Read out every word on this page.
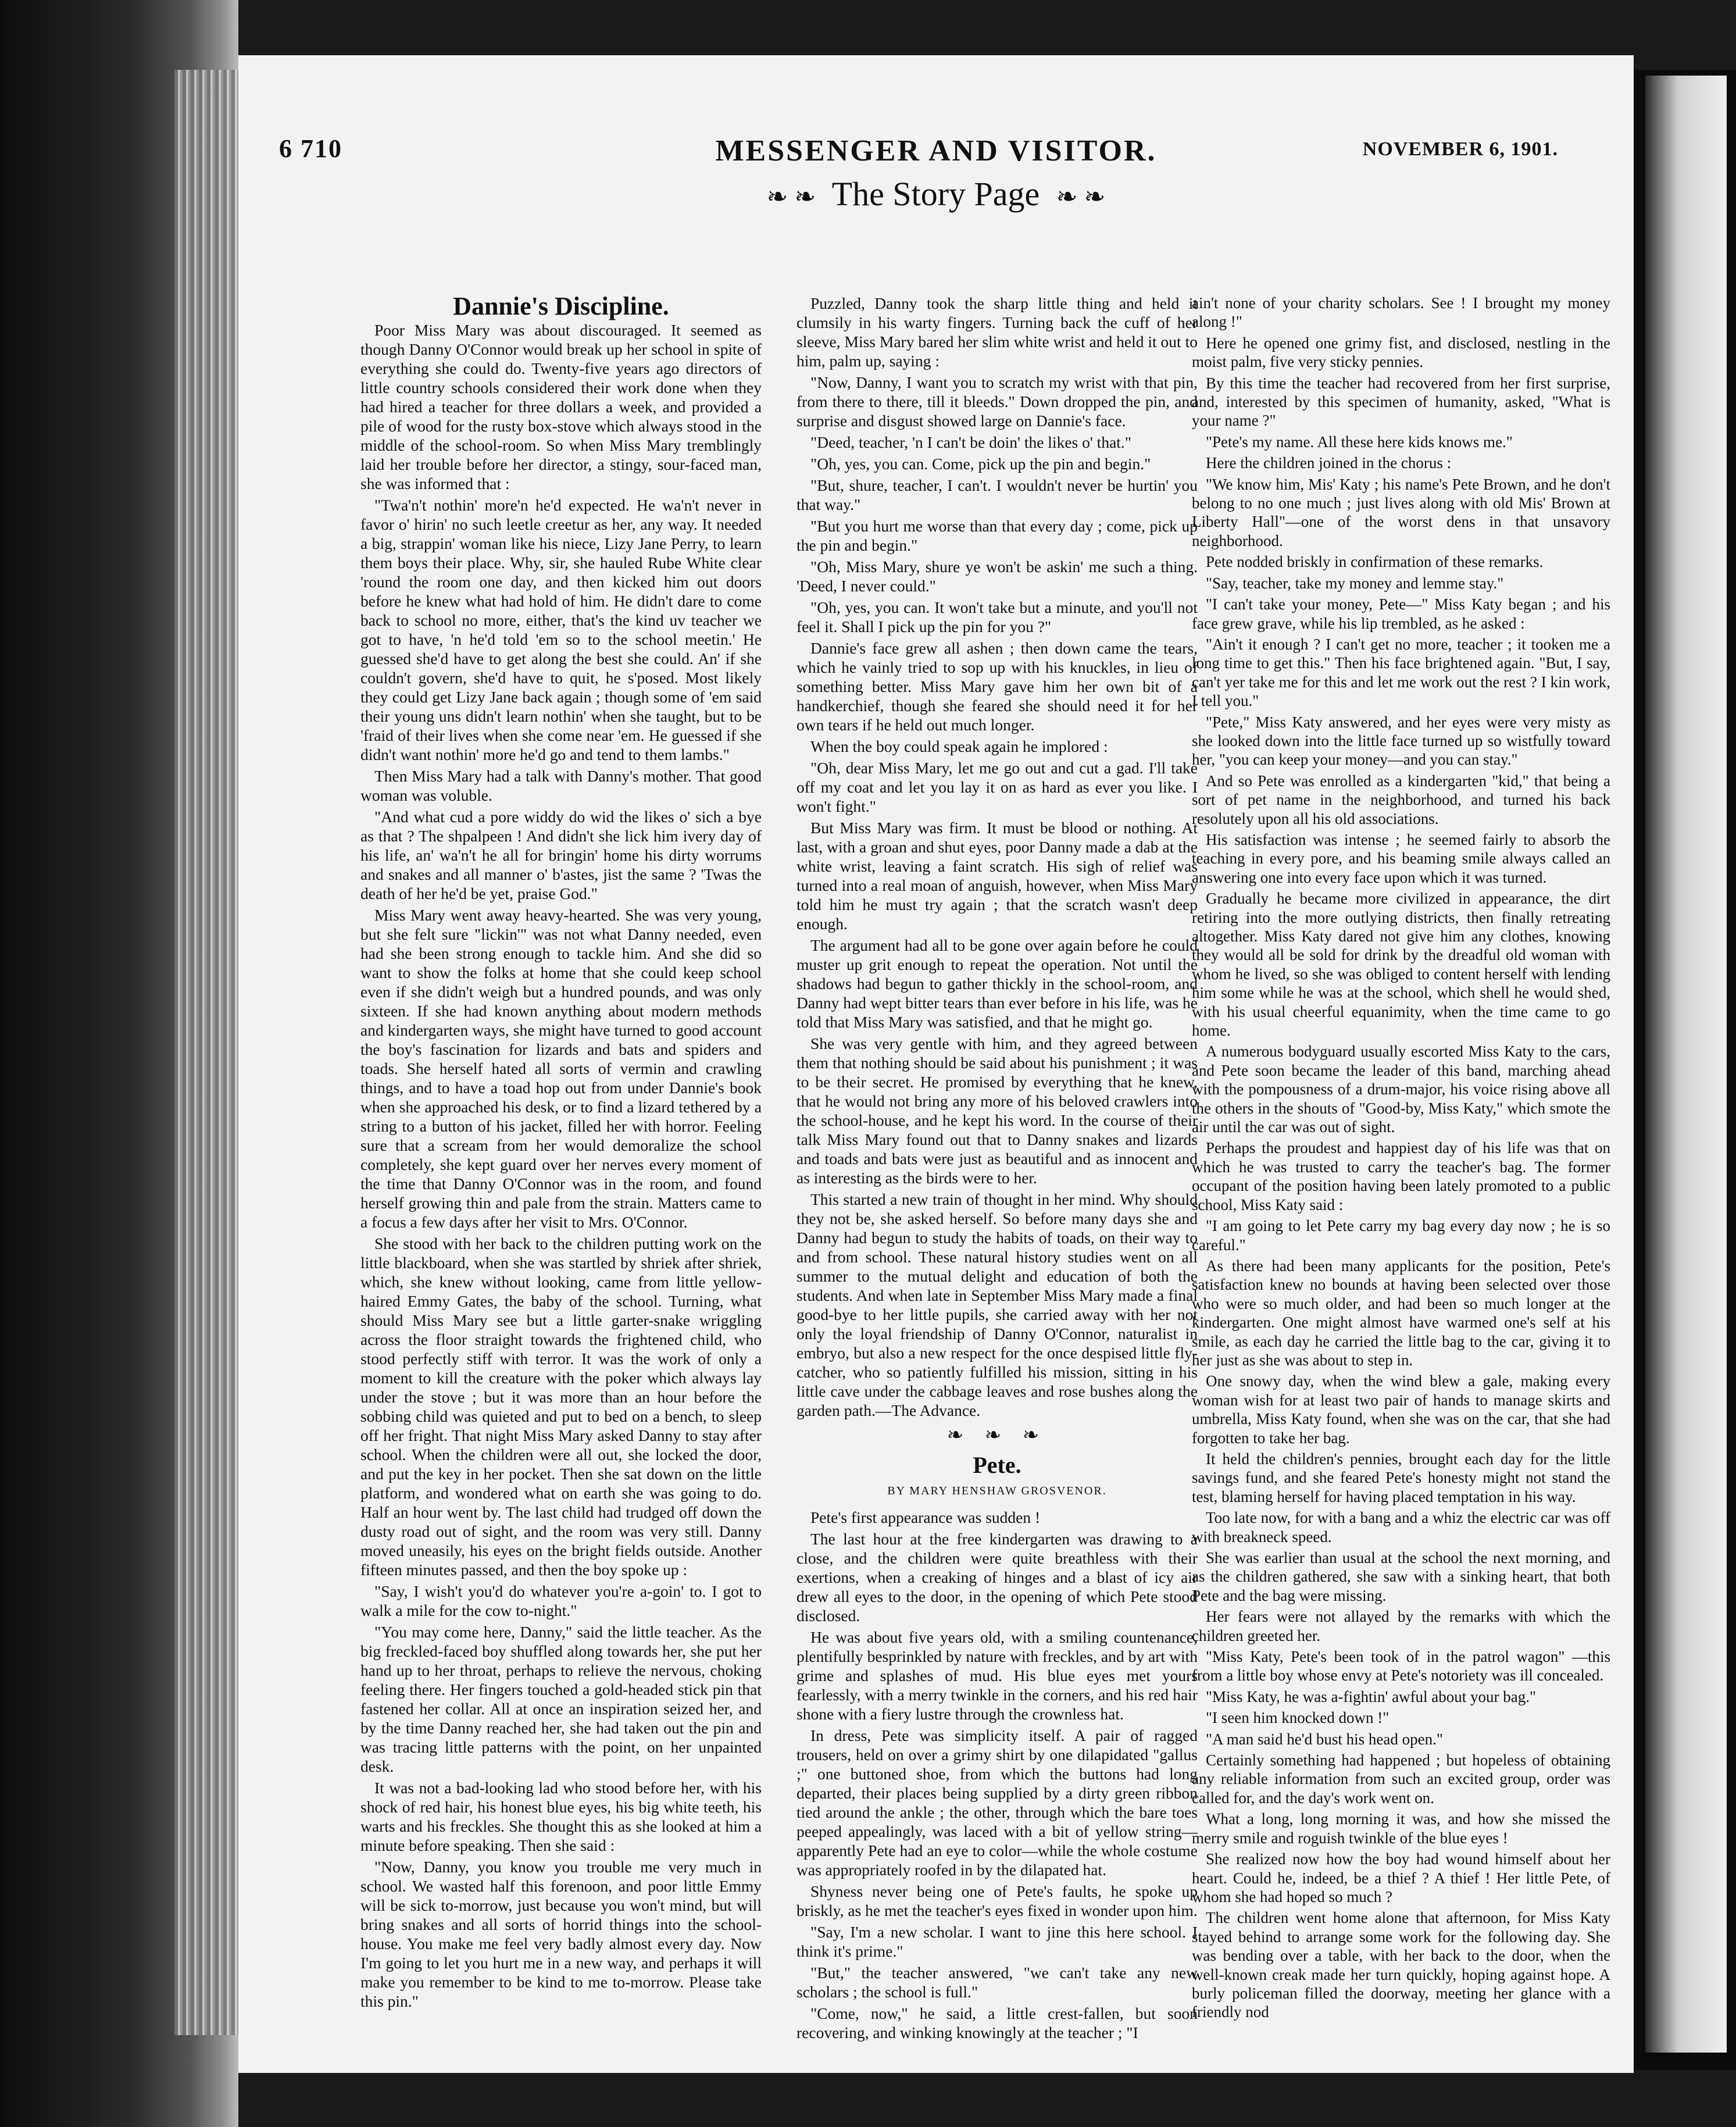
6 710	MESSENGER AND VISITOR.	NOVEMBER 6, 1901.
❧ ❧ The Story Page ❧ ❧
Dannie's Discipline.

Poor Miss Mary was about discouraged. It seemed as though Danny O'Connor would break up her school in spite of everything she could do. Twenty-five years ago directors of little country schools considered their work done when they had hired a teacher for three dollars a week, and provided a pile of wood for the rusty box-stove which always stood in the middle of the school-room. So when Miss Mary tremblingly laid her trouble before her director, a stingy, sour-faced man, she was informed that :

"Twa'n't nothin' more'n he'd expected. He wa'n't never in favor o' hirin' no such leetle creetur as her, any way. It needed a big, strappin' woman like his niece, Lizy Jane Perry, to learn them boys their place. Why, sir, she hauled Rube White clear 'round the room one day, and then kicked him out doors before he knew what had hold of him. He didn't dare to come back to school no more, either, that's the kind uv teacher we got to have, 'n he'd told 'em so to the school meetin.' He guessed she'd have to get along the best she could. An' if she couldn't govern, she'd have to quit, he s'posed. Most likely they could get Lizy Jane back again ; though some of 'em said their young uns didn't learn nothin' when she taught, but to be 'fraid of their lives when she come near 'em. He guessed if she didn't want nothin' more he'd go and tend to them lambs."

Then Miss Mary had a talk with Danny's mother. That good woman was voluble.

"And what cud a pore widdy do wid the likes o' sich a bye as that ? The shpalpeen ! And didn't she lick him ivery day of his life, an' wa'n't he all for bringin' home his dirty worrums and snakes and all manner o' b'astes, jist the same ? 'Twas the death of her he'd be yet, praise God."

Miss Mary went away heavy-hearted. She was very young, but she felt sure "lickin'" was not what Danny needed, even had she been strong enough to tackle him. And she did so want to show the folks at home that she could keep school even if she didn't weigh but a hundred pounds, and was only sixteen. If she had known anything about modern methods and kindergarten ways, she might have turned to good account the boy's fascination for lizards and bats and spiders and toads. She herself hated all sorts of vermin and crawling things, and to have a toad hop out from under Dannie's book when she approached his desk, or to find a lizard tethered by a string to a button of his jacket, filled her with horror. Feeling sure that a scream from her would demoralize the school completely, she kept guard over her nerves every moment of the time that Danny O'Connor was in the room, and found herself growing thin and pale from the strain. Matters came to a focus a few days after her visit to Mrs. O'Connor.

She stood with her back to the children putting work on the little blackboard, when she was startled by shriek after shriek, which, she knew without looking, came from little yellow-haired Emmy Gates, the baby of the school. Turning, what should Miss Mary see but a little garter-snake wriggling across the floor straight towards the frightened child, who stood perfectly stiff with terror. It was the work of only a moment to kill the creature with the poker which always lay under the stove ; but it was more than an hour before the sobbing child was quieted and put to bed on a bench, to sleep off her fright. That night Miss Mary asked Danny to stay after school. When the children were all out, she locked the door, and put the key in her pocket. Then she sat down on the little platform, and wondered what on earth she was going to do. Half an hour went by. The last child had trudged off down the dusty road out of sight, and the room was very still. Danny moved uneasily, his eyes on the bright fields outside. Another fifteen minutes passed, and then the boy spoke up :

"Say, I wish't you'd do whatever you're a-goin' to. I got to walk a mile for the cow to-night."

"You may come here, Danny," said the little teacher. As the big freckled-faced boy shuffled along towards her, she put her hand up to her throat, perhaps to relieve the nervous, choking feeling there. Her fingers touched a gold-headed stick pin that fastened her collar. All at once an inspiration seized her, and by the time Danny reached her, she had taken out the pin and was tracing little patterns with the point, on her unpainted desk.

It was not a bad-looking lad who stood before her, with his shock of red hair, his honest blue eyes, his big white teeth, his warts and his freckles. She thought this as she looked at him a minute before speaking. Then she said :

"Now, Danny, you know you trouble me very much in school. We wasted half this forenoon, and poor little Emmy will be sick to-morrow, just because you won't mind, but will bring snakes and all sorts of horrid things into the school-house. You make me feel very badly almost every day. Now I'm going to let you hurt me in a new way, and perhaps it will make you remember to be kind to me to-morrow. Please take this pin."

Puzzled, Danny took the sharp little thing and held it clumsily in his warty fingers. Turning back the cuff of her sleeve, Miss Mary bared her slim white wrist and held it out to him, palm up, saying :

"Now, Danny, I want you to scratch my wrist with that pin, from there to there, till it bleeds." Down dropped the pin, and surprise and disgust showed large on Dannie's face.

"Deed, teacher, 'n I can't be doin' the likes o' that."

"Oh, yes, you can. Come, pick up the pin and begin."

"But, shure, teacher, I can't. I wouldn't never be hurtin' you that way."

"But you hurt me worse than that every day ; come, pick up the pin and begin."

"Oh, Miss Mary, shure ye won't be askin' me such a thing. 'Deed, I never could."

"Oh, yes, you can. It won't take but a minute, and you'll not feel it. Shall I pick up the pin for you ?"

Dannie's face grew all ashen ; then down came the tears, which he vainly tried to sop up with his knuckles, in lieu of something better. Miss Mary gave him her own bit of a handkerchief, though she feared she should need it for her own tears if he held out much longer.

When the boy could speak again he implored :

"Oh, dear Miss Mary, let me go out and cut a gad. I'll take off my coat and let you lay it on as hard as ever you like. I won't fight."

But Miss Mary was firm. It must be blood or nothing. At last, with a groan and shut eyes, poor Danny made a dab at the white wrist, leaving a faint scratch. His sigh of relief was turned into a real moan of anguish, however, when Miss Mary told him he must try again ; that the scratch wasn't deep enough.

The argument had all to be gone over again before he could muster up grit enough to repeat the operation. Not until the shadows had begun to gather thickly in the school-room, and Danny had wept bitter tears than ever before in his life, was he told that Miss Mary was satisfied, and that he might go.

She was very gentle with him, and they agreed between them that nothing should be said about his punishment ; it was to be their secret. He promised by everything that he knew, that he would not bring any more of his beloved crawlers into the school-house, and he kept his word. In the course of their talk Miss Mary found out that to Danny snakes and lizards and toads and bats were just as beautiful and as innocent and as interesting as the birds were to her.

This started a new train of thought in her mind. Why should they not be, she asked herself. So before many days she and Danny had begun to study the habits of toads, on their way to and from school. These natural history studies went on all summer to the mutual delight and education of both the students. And when late in September Miss Mary made a final good-bye to her little pupils, she carried away with her not only the loyal friendship of Danny O'Connor, naturalist in embryo, but also a new respect for the once despised little fly-catcher, who so patiently fulfilled his mission, sitting in his little cave under the cabbage leaves and rose bushes along the garden path.—The Advance.

❧ ❧ ❧
Pete.
BY MARY HENSHAW GROSVENOR.

Pete's first appearance was sudden !

The last hour at the free kindergarten was drawing to a close, and the children were quite breathless with their exertions, when a creaking of hinges and a blast of icy air drew all eyes to the door, in the opening of which Pete stood disclosed.

He was about five years old, with a smiling countenance, plentifully besprinkled by nature with freckles, and by art with grime and splashes of mud. His blue eyes met yours fearlessly, with a merry twinkle in the corners, and his red hair shone with a fiery lustre through the crownless hat.

In dress, Pete was simplicity itself. A pair of ragged trousers, held on over a grimy shirt by one dilapidated "gallus ;" one buttoned shoe, from which the buttons had long departed, their places being supplied by a dirty green ribbon tied around the ankle ; the other, through which the bare toes peeped appealingly, was laced with a bit of yellow string—apparently Pete had an eye to color—while the whole costume was appropriately roofed in by the dilapated hat.

Shyness never being one of Pete's faults, he spoke up briskly, as he met the teacher's eyes fixed in wonder upon him.

"Say, I'm a new scholar. I want to jine this here school. I think it's prime."

"But," the teacher answered, "we can't take any new scholars ; the school is full."

"Come, now," he said, a little crest-fallen, but soon recovering, and winking knowingly at the teacher ; "I

ain't none of your charity scholars. See ! I brought my money along !"

Here he opened one grimy fist, and disclosed, nestling in the moist palm, five very sticky pennies.

By this time the teacher had recovered from her first surprise, and, interested by this specimen of humanity, asked, "What is your name ?"

"Pete's my name. All these here kids knows me."

Here the children joined in the chorus :

"We know him, Mis' Katy ; his name's Pete Brown, and he don't belong to no one much ; just lives along with old Mis' Brown at Liberty Hall"—one of the worst dens in that unsavory neighborhood.

Pete nodded briskly in confirmation of these remarks.

"Say, teacher, take my money and lemme stay."

"I can't take your money, Pete—" Miss Katy began ; and his face grew grave, while his lip trembled, as he asked :

"Ain't it enough ? I can't get no more, teacher ; it tooken me a long time to get this." Then his face brightened again. "But, I say, can't yer take me for this and let me work out the rest ? I kin work, I tell you."

"Pete," Miss Katy answered, and her eyes were very misty as she looked down into the little face turned up so wistfully toward her, "you can keep your money—and you can stay."

And so Pete was enrolled as a kindergarten "kid," that being a sort of pet name in the neighborhood, and turned his back resolutely upon all his old associations.

His satisfaction was intense ; he seemed fairly to absorb the teaching in every pore, and his beaming smile always called an answering one into every face upon which it was turned.

Gradually he became more civilized in appearance, the dirt retiring into the more outlying districts, then finally retreating altogether. Miss Katy dared not give him any clothes, knowing they would all be sold for drink by the dreadful old woman with whom he lived, so she was obliged to content herself with lending him some while he was at the school, which shell he would shed, with his usual cheerful equanimity, when the time came to go home.

A numerous bodyguard usually escorted Miss Katy to the cars, and Pete soon became the leader of this band, marching ahead with the pompousness of a drum-major, his voice rising above all the others in the shouts of "Good-by, Miss Katy," which smote the air until the car was out of sight.

Perhaps the proudest and happiest day of his life was that on which he was trusted to carry the teacher's bag. The former occupant of the position having been lately promoted to a public school, Miss Katy said :

"I am going to let Pete carry my bag every day now ; he is so careful."

As there had been many applicants for the position, Pete's satisfaction knew no bounds at having been selected over those who were so much older, and had been so much longer at the kindergarten. One might almost have warmed one's self at his smile, as each day he carried the little bag to the car, giving it to her just as she was about to step in.

One snowy day, when the wind blew a gale, making every woman wish for at least two pair of hands to manage skirts and umbrella, Miss Katy found, when she was on the car, that she had forgotten to take her bag.

It held the children's pennies, brought each day for the little savings fund, and she feared Pete's honesty might not stand the test, blaming herself for having placed temptation in his way.

Too late now, for with a bang and a whiz the electric car was off with breakneck speed.

She was earlier than usual at the school the next morning, and as the children gathered, she saw with a sinking heart, that both Pete and the bag were missing.

Her fears were not allayed by the remarks with which the children greeted her.

"Miss Katy, Pete's been took of in the patrol wagon" —this from a little boy whose envy at Pete's notoriety was ill concealed.

"Miss Katy, he was a-fightin' awful about your bag."

"I seen him knocked down !"

"A man said he'd bust his head open."

Certainly something had happened ; but hopeless of obtaining any reliable information from such an excited group, order was called for, and the day's work went on.

What a long, long morning it was, and how she missed the merry smile and roguish twinkle of the blue eyes !

She realized now how the boy had wound himself about her heart. Could he, indeed, be a thief ? A thief ! Her little Pete, of whom she had hoped so much ?

The children went home alone that afternoon, for Miss Katy stayed behind to arrange some work for the following day. She was bending over a table, with her back to the door, when the well-known creak made her turn quickly, hoping against hope. A burly policeman filled the doorway, meeting her glance with a friendly nod
